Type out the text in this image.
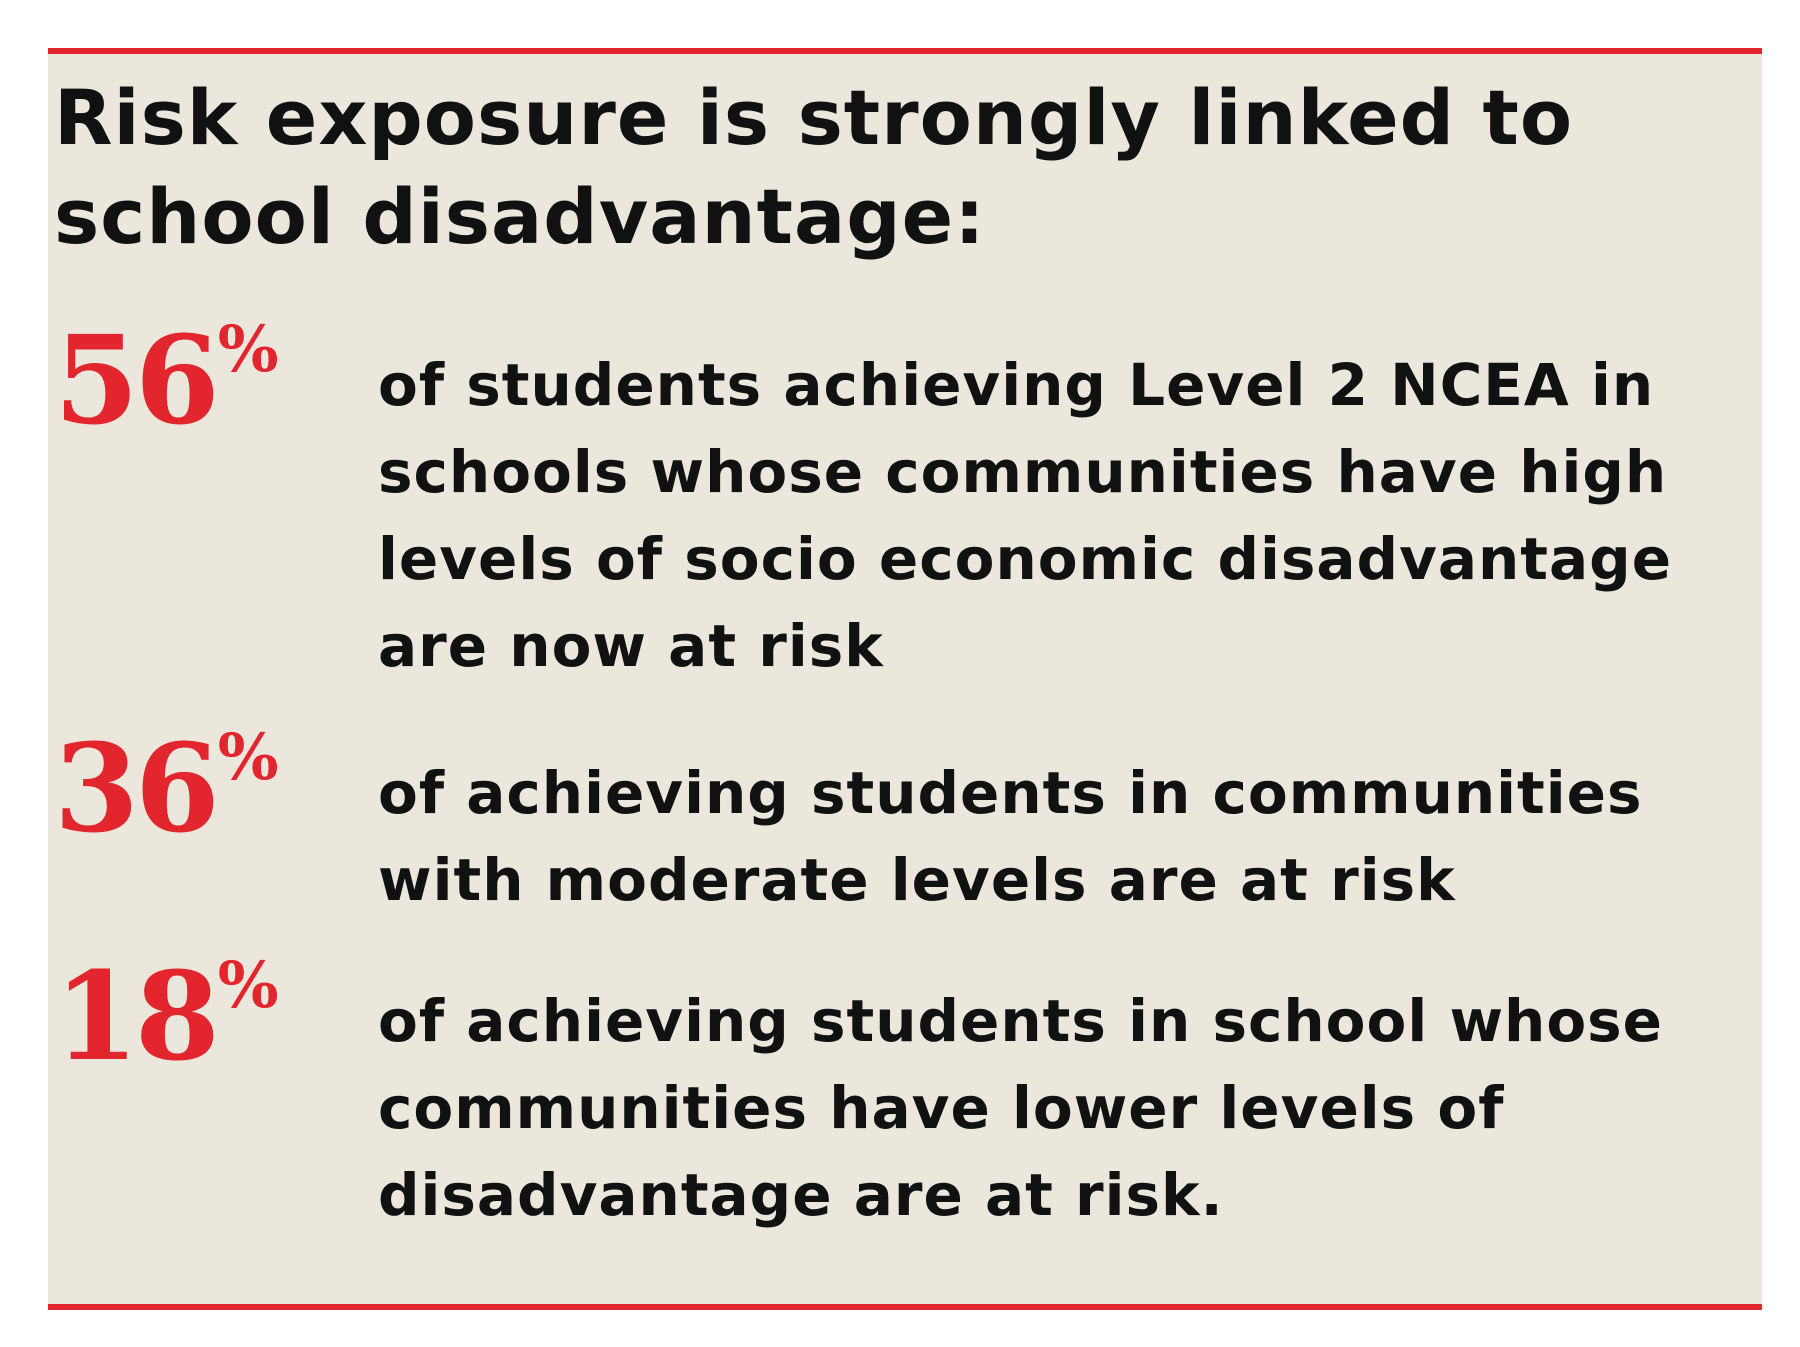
Risk exposure is strongly linked to school disadvantage:
56%	of students achieving Level 2 NCEA in schools whose communities have high levels of socio economic disadvantage are now at risk

36%	of achieving students in communities with moderate levels are at risk

18%	of achieving students in school whose communities have lower levels of disadvantage are at risk.
